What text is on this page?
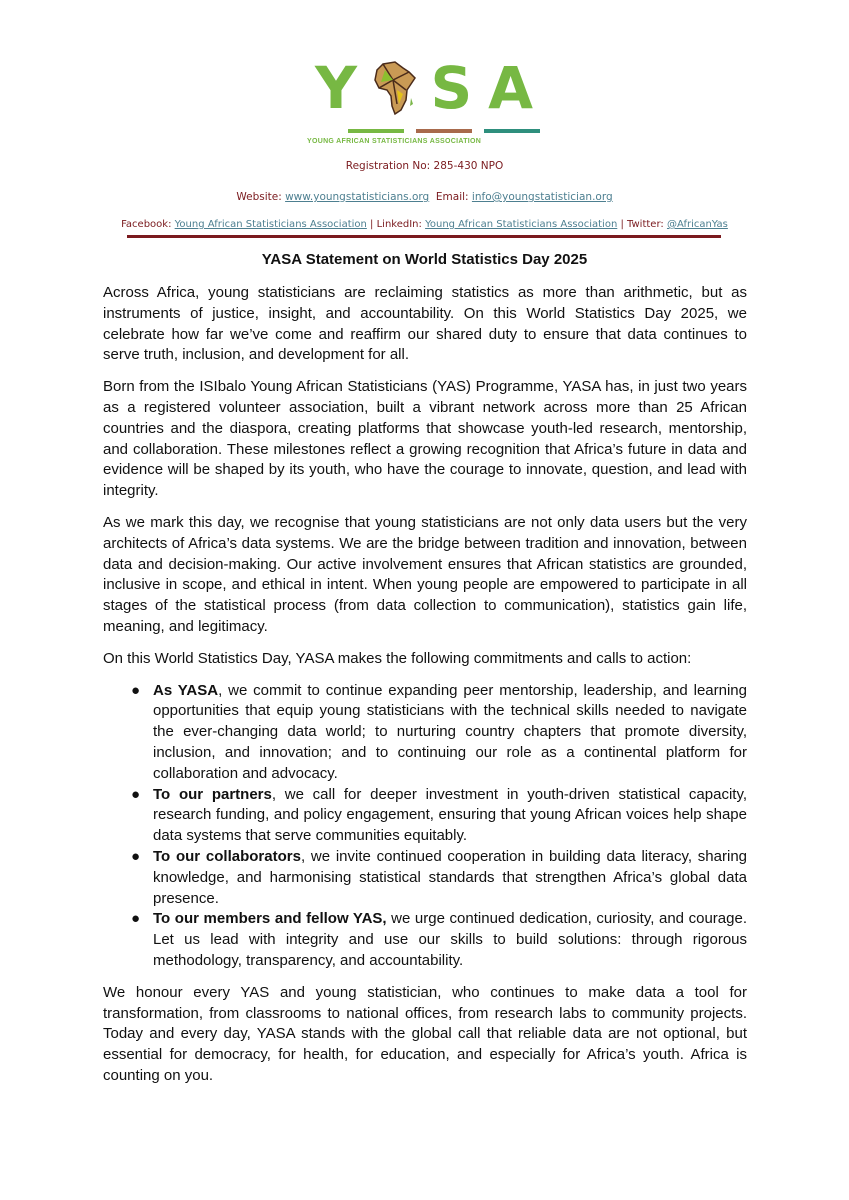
Y S A
YOUNG AFRICAN STATISTICIANS ASSOCIATION
Registration No: 285-430 NPO
Website: www.youngstatisticians.org Email: info@youngstatistician.org
Facebook: Young African Statisticians Association | LinkedIn: Young African Statisticians Association | Twitter: @AfricanYas
YASA Statement on World Statistics Day 2025

Across Africa, young statisticians are reclaiming statistics as more than arithmetic, but as instruments of justice, insight, and accountability. On this World Statistics Day 2025, we celebrate how far we’ve come and reaffirm our shared duty to ensure that data continues to serve truth, inclusion, and development for all.

Born from the ISIbalo Young African Statisticians (YAS) Programme, YASA has, in just two years as a registered volunteer association, built a vibrant network across more than 25 African countries and the diaspora, creating platforms that showcase youth-led research, mentorship, and collaboration. These milestones reflect a growing recognition that Africa’s future in data and evidence will be shaped by its youth, who have the courage to innovate, question, and lead with integrity.

As we mark this day, we recognise that young statisticians are not only data users but the very architects of Africa’s data systems. We are the bridge between tradition and innovation, between data and decision-making. Our active involvement ensures that African statistics are grounded, inclusive in scope, and ethical in intent. When young people are empowered to participate in all stages of the statistical process (from data collection to communication), statistics gain life, meaning, and legitimacy.

On this World Statistics Day, YASA makes the following commitments and calls to action:

● As YASA, we commit to continue expanding peer mentorship, leadership, and learning opportunities that equip young statisticians with the technical skills needed to navigate the ever-changing data world; to nurturing country chapters that promote diversity, inclusion, and innovation; and to continuing our role as a continental platform for collaboration and advocacy.
● To our partners, we call for deeper investment in youth-driven statistical capacity, research funding, and policy engagement, ensuring that young African voices help shape data systems that serve communities equitably.
● To our collaborators, we invite continued cooperation in building data literacy, sharing knowledge, and harmonising statistical standards that strengthen Africa’s global data presence.
● To our members and fellow YAS, we urge continued dedication, curiosity, and courage. Let us lead with integrity and use our skills to build solutions: through rigorous methodology, transparency, and accountability.

We honour every YAS and young statistician, who continues to make data a tool for transformation, from classrooms to national offices, from research labs to community projects. Today and every day, YASA stands with the global call that reliable data are not optional, but essential for democracy, for health, for education, and especially for Africa’s youth. Africa is counting on you.
